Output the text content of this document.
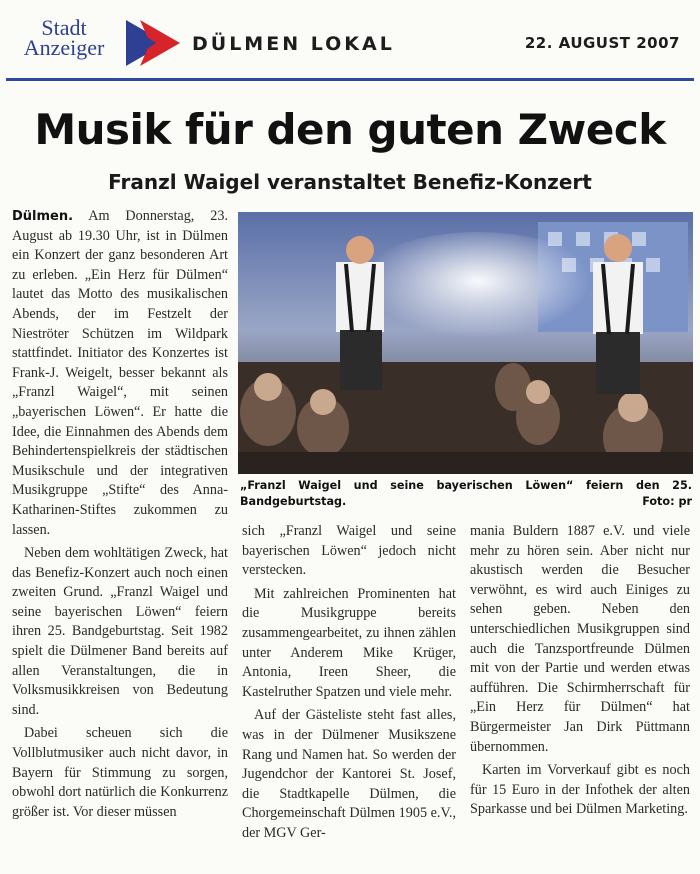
Stadt
Anzeiger	DÜLMEN LOKAL	22. AUGUST 2007
Musik für den guten Zweck
Franzl Waigel veranstaltet Benefiz-Konzert

Dülmen. Am Donnerstag, 23. August ab 19.30 Uhr, ist in Dülmen ein Konzert der ganz besonderen Art zu erleben. „Ein Herz für Dülmen“ lautet das Motto des musikalischen Abends, der im Festzelt der Nieströter Schützen im Wildpark stattfindet. Initiator des Konzertes ist Frank-J. Weigelt, besser bekannt als „Franzl Waigel“, mit seinen „bayerischen Löwen“. Er hatte die Idee, die Einnahmen des Abends dem Behindertenspielkreis der städtischen Musikschule und der integrativen Musikgruppe „Stifte“ des Anna-Katharinen-Stiftes zukommen zu lassen.

Neben dem wohltätigen Zweck, hat das Benefiz-Konzert auch noch einen zweiten Grund. „Franzl Waigel und seine bayerischen Löwen“ feiern ihren 25. Bandgeburtstag. Seit 1982 spielt die Dülmener Band bereits auf allen Veranstaltungen, die in Volksmusikkreisen von Bedeutung sind.

Dabei scheuen sich die Vollblutmusiker auch nicht davor, in Bayern für Stimmung zu sorgen, obwohl dort natürlich die Konkurrenz größer ist. Vor dieser müssen

„Franzl Waigel und seine bayerischen Löwen“ feiern den 25. Bandgeburtstag.	Foto: pr

sich „Franzl Waigel und seine bayerischen Löwen“ jedoch nicht verstecken.

Mit zahlreichen Prominenten hat die Musikgruppe bereits zusammengearbeitet, zu ihnen zählen unter Anderem Mike Krüger, Antonia, Ireen Sheer, die Kastelruther Spatzen und viele mehr.

Auf der Gästeliste steht fast alles, was in der Dülmener Musikszene Rang und Namen hat. So werden der Jugendchor der Kantorei St. Josef, die Stadtkapelle Dülmen, die Chorgemeinschaft Dülmen 1905 e.V., der MGV Ger-

mania Buldern 1887 e.V. und viele mehr zu hören sein. Aber nicht nur akustisch werden die Besucher verwöhnt, es wird auch Einiges zu sehen geben. Neben den unterschiedlichen Musikgruppen sind auch die Tanzsportfreunde Dülmen mit von der Partie und werden etwas aufführen. Die Schirmherrschaft für „Ein Herz für Dülmen“ hat Bürgermeister Jan Dirk Püttmann übernommen.

Karten im Vorverkauf gibt es noch für 15 Euro in der Infothek der alten Sparkasse und bei Dülmen Marketing.
